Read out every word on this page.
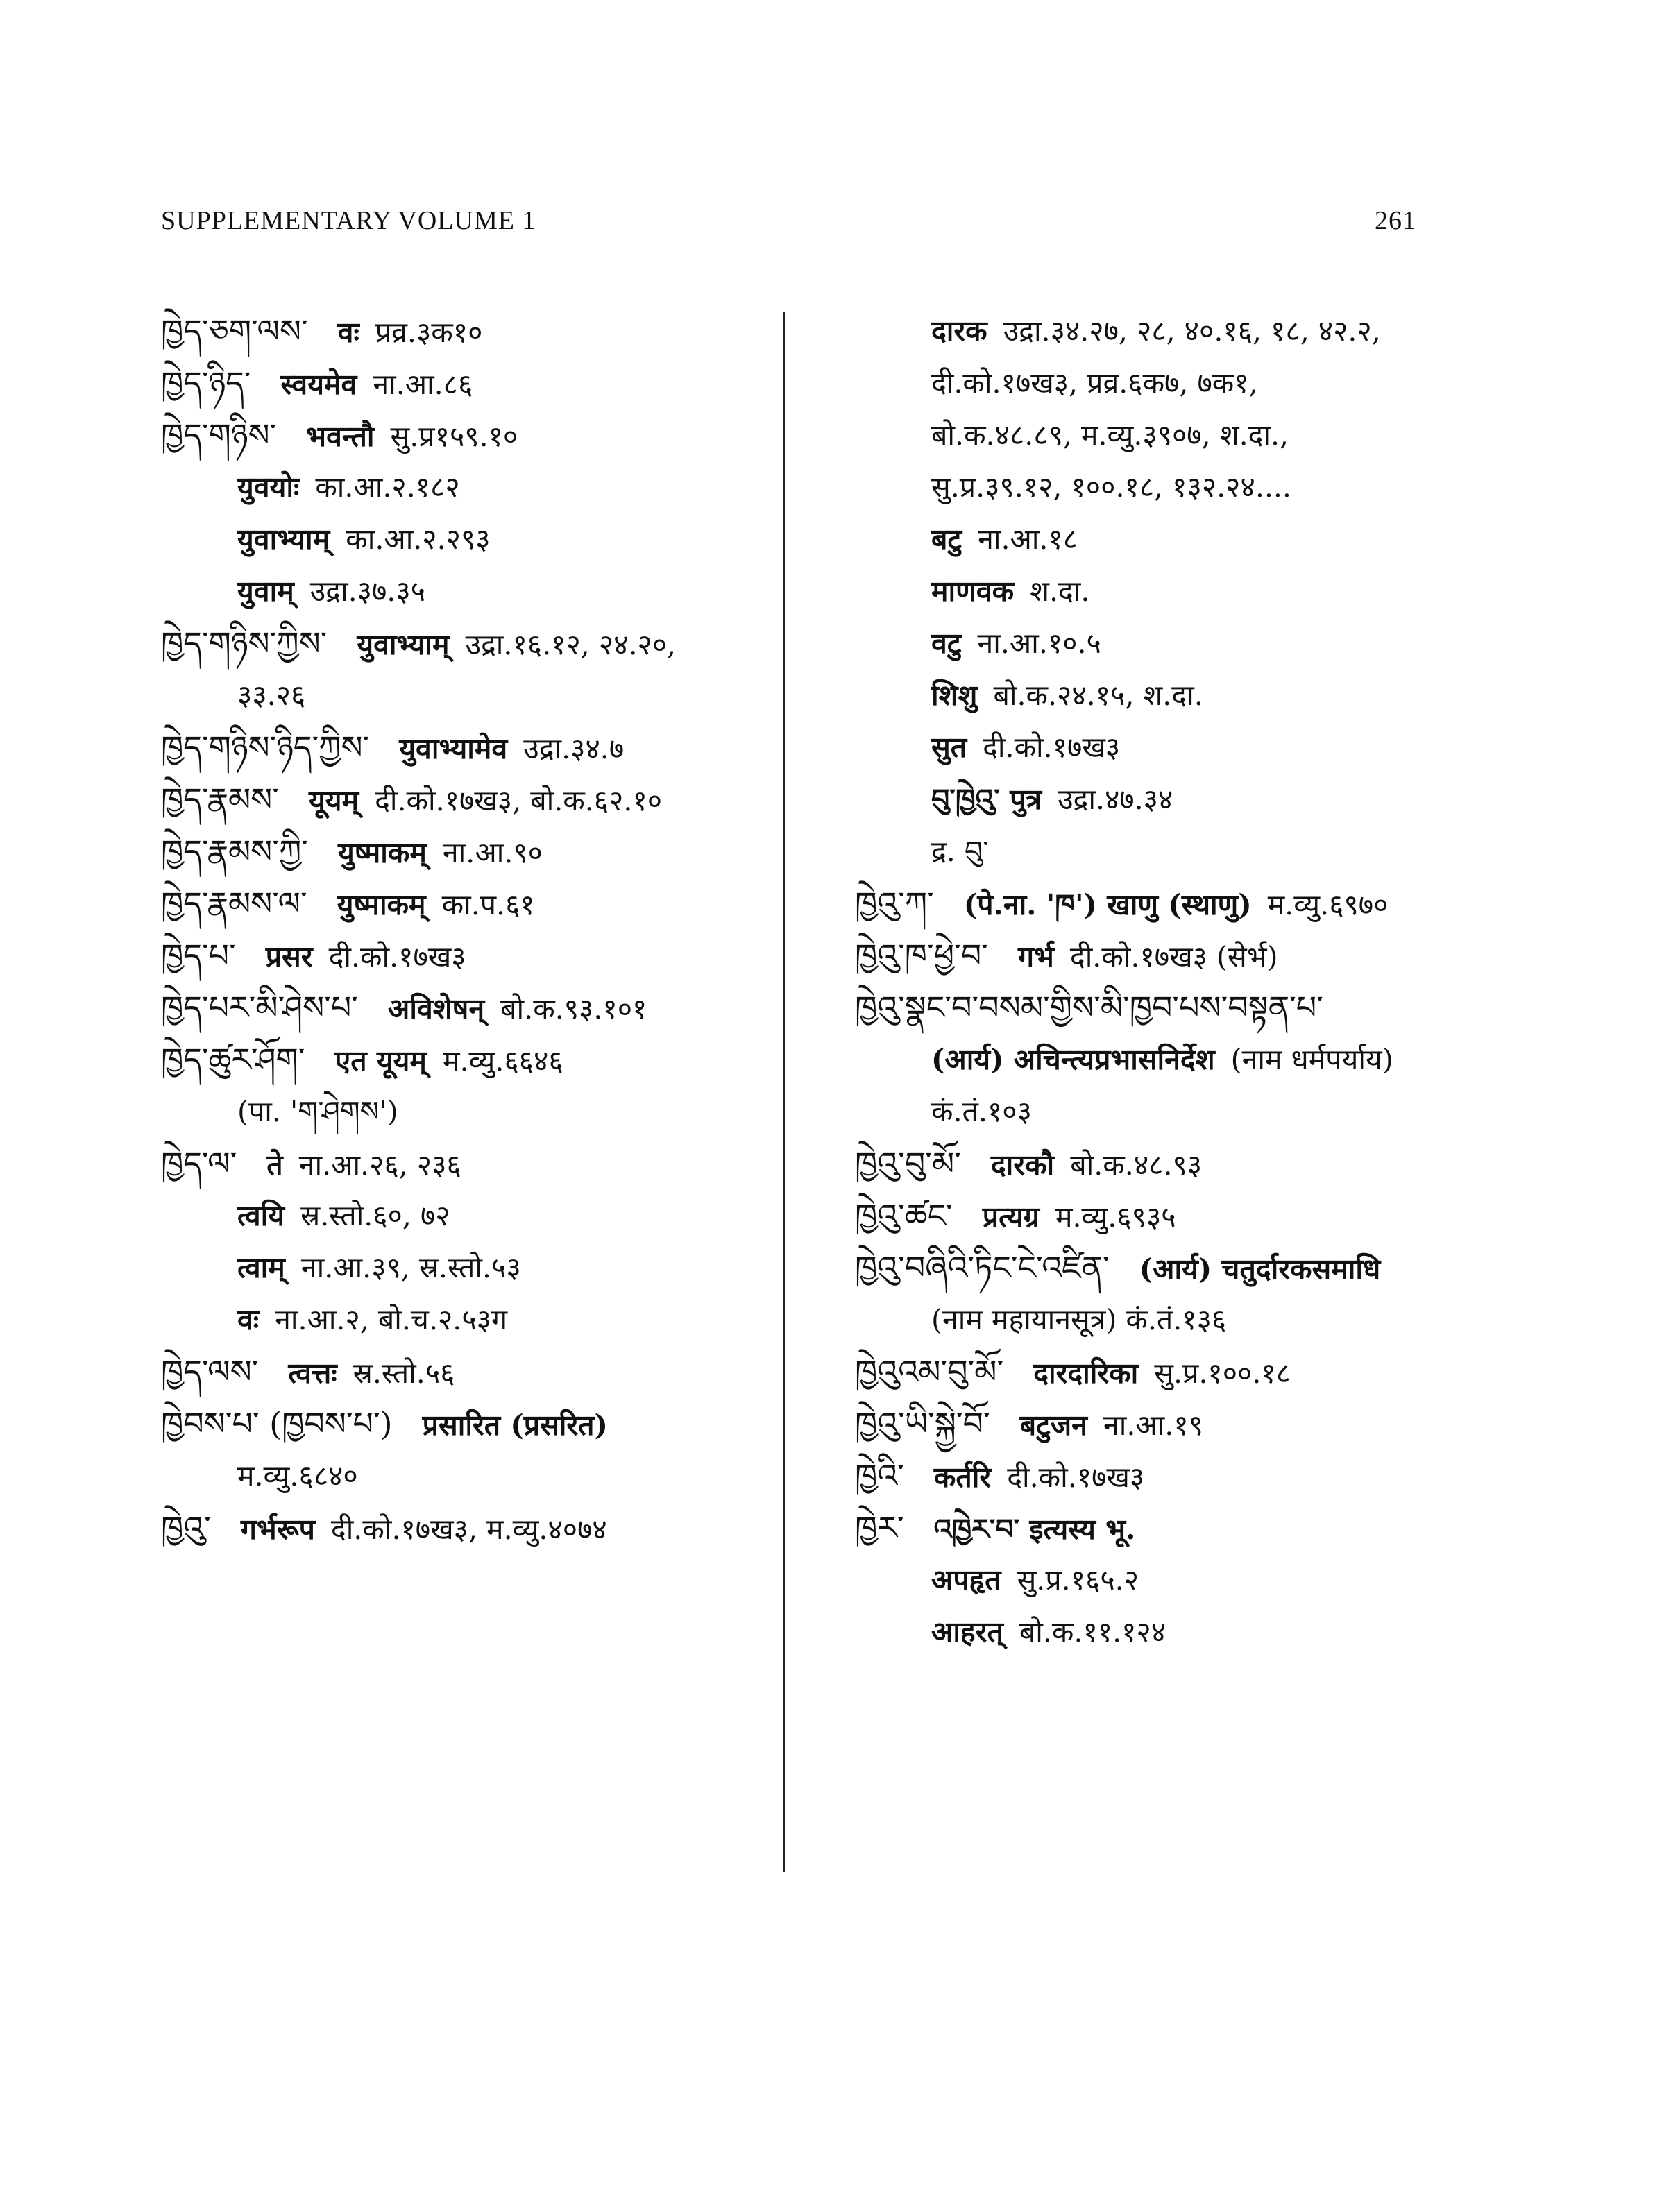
SUPPLEMENTARY VOLUME 1	261
ཁྱེད་ཅག་ལས་ वः प्रव्र.३क१०
ཁྱེད་ཉིད་ स्वयमेव ना.आ.८६
ཁྱེད་གཉིས་ भवन्तौ सु.प्र१५९.१०
युवयोः का.आ.२.१८२
युवाभ्याम् का.आ.२.२९३
युवाम् उद्रा.३७.३५
ཁྱེད་གཉིས་ཀྱིས་ युवाभ्याम् उद्रा.१६.१२, २४.२०,
३३.२६
ཁྱེད་གཉིས་ཉིད་ཀྱིས་ युवाभ्यामेव उद्रा.३४.७
ཁྱེད་རྣམས་ यूयम् दी.को.१७ख३, बो.क.६२.१०
ཁྱེད་རྣམས་ཀྱི་ युष्माकम् ना.आ.९०
ཁྱེད་རྣམས་ལ་ युष्माकम् का.प.६१
ཁྱེད་པ་ प्रसर दी.को.१७ख३
ཁྱེད་པར་མི་ཤེས་པ་ अविशेषन् बो.क.९३.१०१
ཁྱེད་ཚུར་ཤོག་ एत यूयम् म.व्यु.६६४६
(पा. 'ག་ཤེགས')
ཁྱེད་ལ་ ते ना.आ.२६, २३६
त्वयि स्र.स्तो.६०, ७२
त्वाम् ना.आ.३९, स्र.स्तो.५३
वः ना.आ.२, बो.च.२.५३ग
ཁྱེད་ལས་ त्वत्तः स्र.स्तो.५६
ཁྱེབས་པ་ (ཁྱབས་པ་) प्रसारित (प्रसरित)
म.व्यु.६८४०
ཁྱེའུ་ गर्भरूप दी.को.१७ख३, म.व्यु.४०७४
दारक उद्रा.३४.२७, २८, ४०.१६, १८, ४२.२,
दी.को.१७ख३, प्रव्र.६क७, ७क१,
बो.क.४८.८९, म.व्यु.३९०७, श.दा.,
सु.प्र.३९.१२, १००.१८, १३२.२४....
बटु ना.आ.१८
माणवक श.दा.
वटु ना.आ.१०.५
शिशु बो.क.२४.१५, श.दा.
सुत दी.को.१७ख३
བུ་ཁྱེའུ་ पुत्र उद्रा.४७.३४
द्र. བུ་
ཁྱེའུ་ཀ་ (पे.ना. 'ཁ') खाणु (स्थाणु) म.व्यु.६९७०
ཁྱེའུ་ཁ་ཕྱེ་བ་ गर्भ दी.को.१७ख३ (सेर्भ)
ཁྱེའུ་སྣང་བ་བསམ་གྱིས་མི་ཁྱབ་པས་བསྟན་པ་
(आर्य) अचिन्त्यप्रभासनिर्देश (नाम धर्मपर्याय)
कं.तं.१०३
ཁྱེའུ་བུ་མོ་ दारकौ बो.क.४८.९३
ཁྱེའུ་ཚང་ प्रत्यग्र म.व्यु.६९३५
ཁྱེའུ་བཞིའི་ཏིང་ངེ་འཛིན་ (आर्य) चतुर्दारकसमाधि
(नाम महायानसूत्र) कं.तं.१३६
ཁྱེའུའམ་བུ་མོ་ दारदारिका सु.प्र.१००.१८
ཁྱེའུ་ཡི་སྐྱེ་བོ་ बटुजन ना.आ.१९
ཁྱེའི་ कर्तरि दी.को.१७ख३
ཁྱེར་ འཁྱེར་བ་ इत्यस्य भू.
अपहृत सु.प्र.१६५.२
आहरत् बो.क.११.१२४
